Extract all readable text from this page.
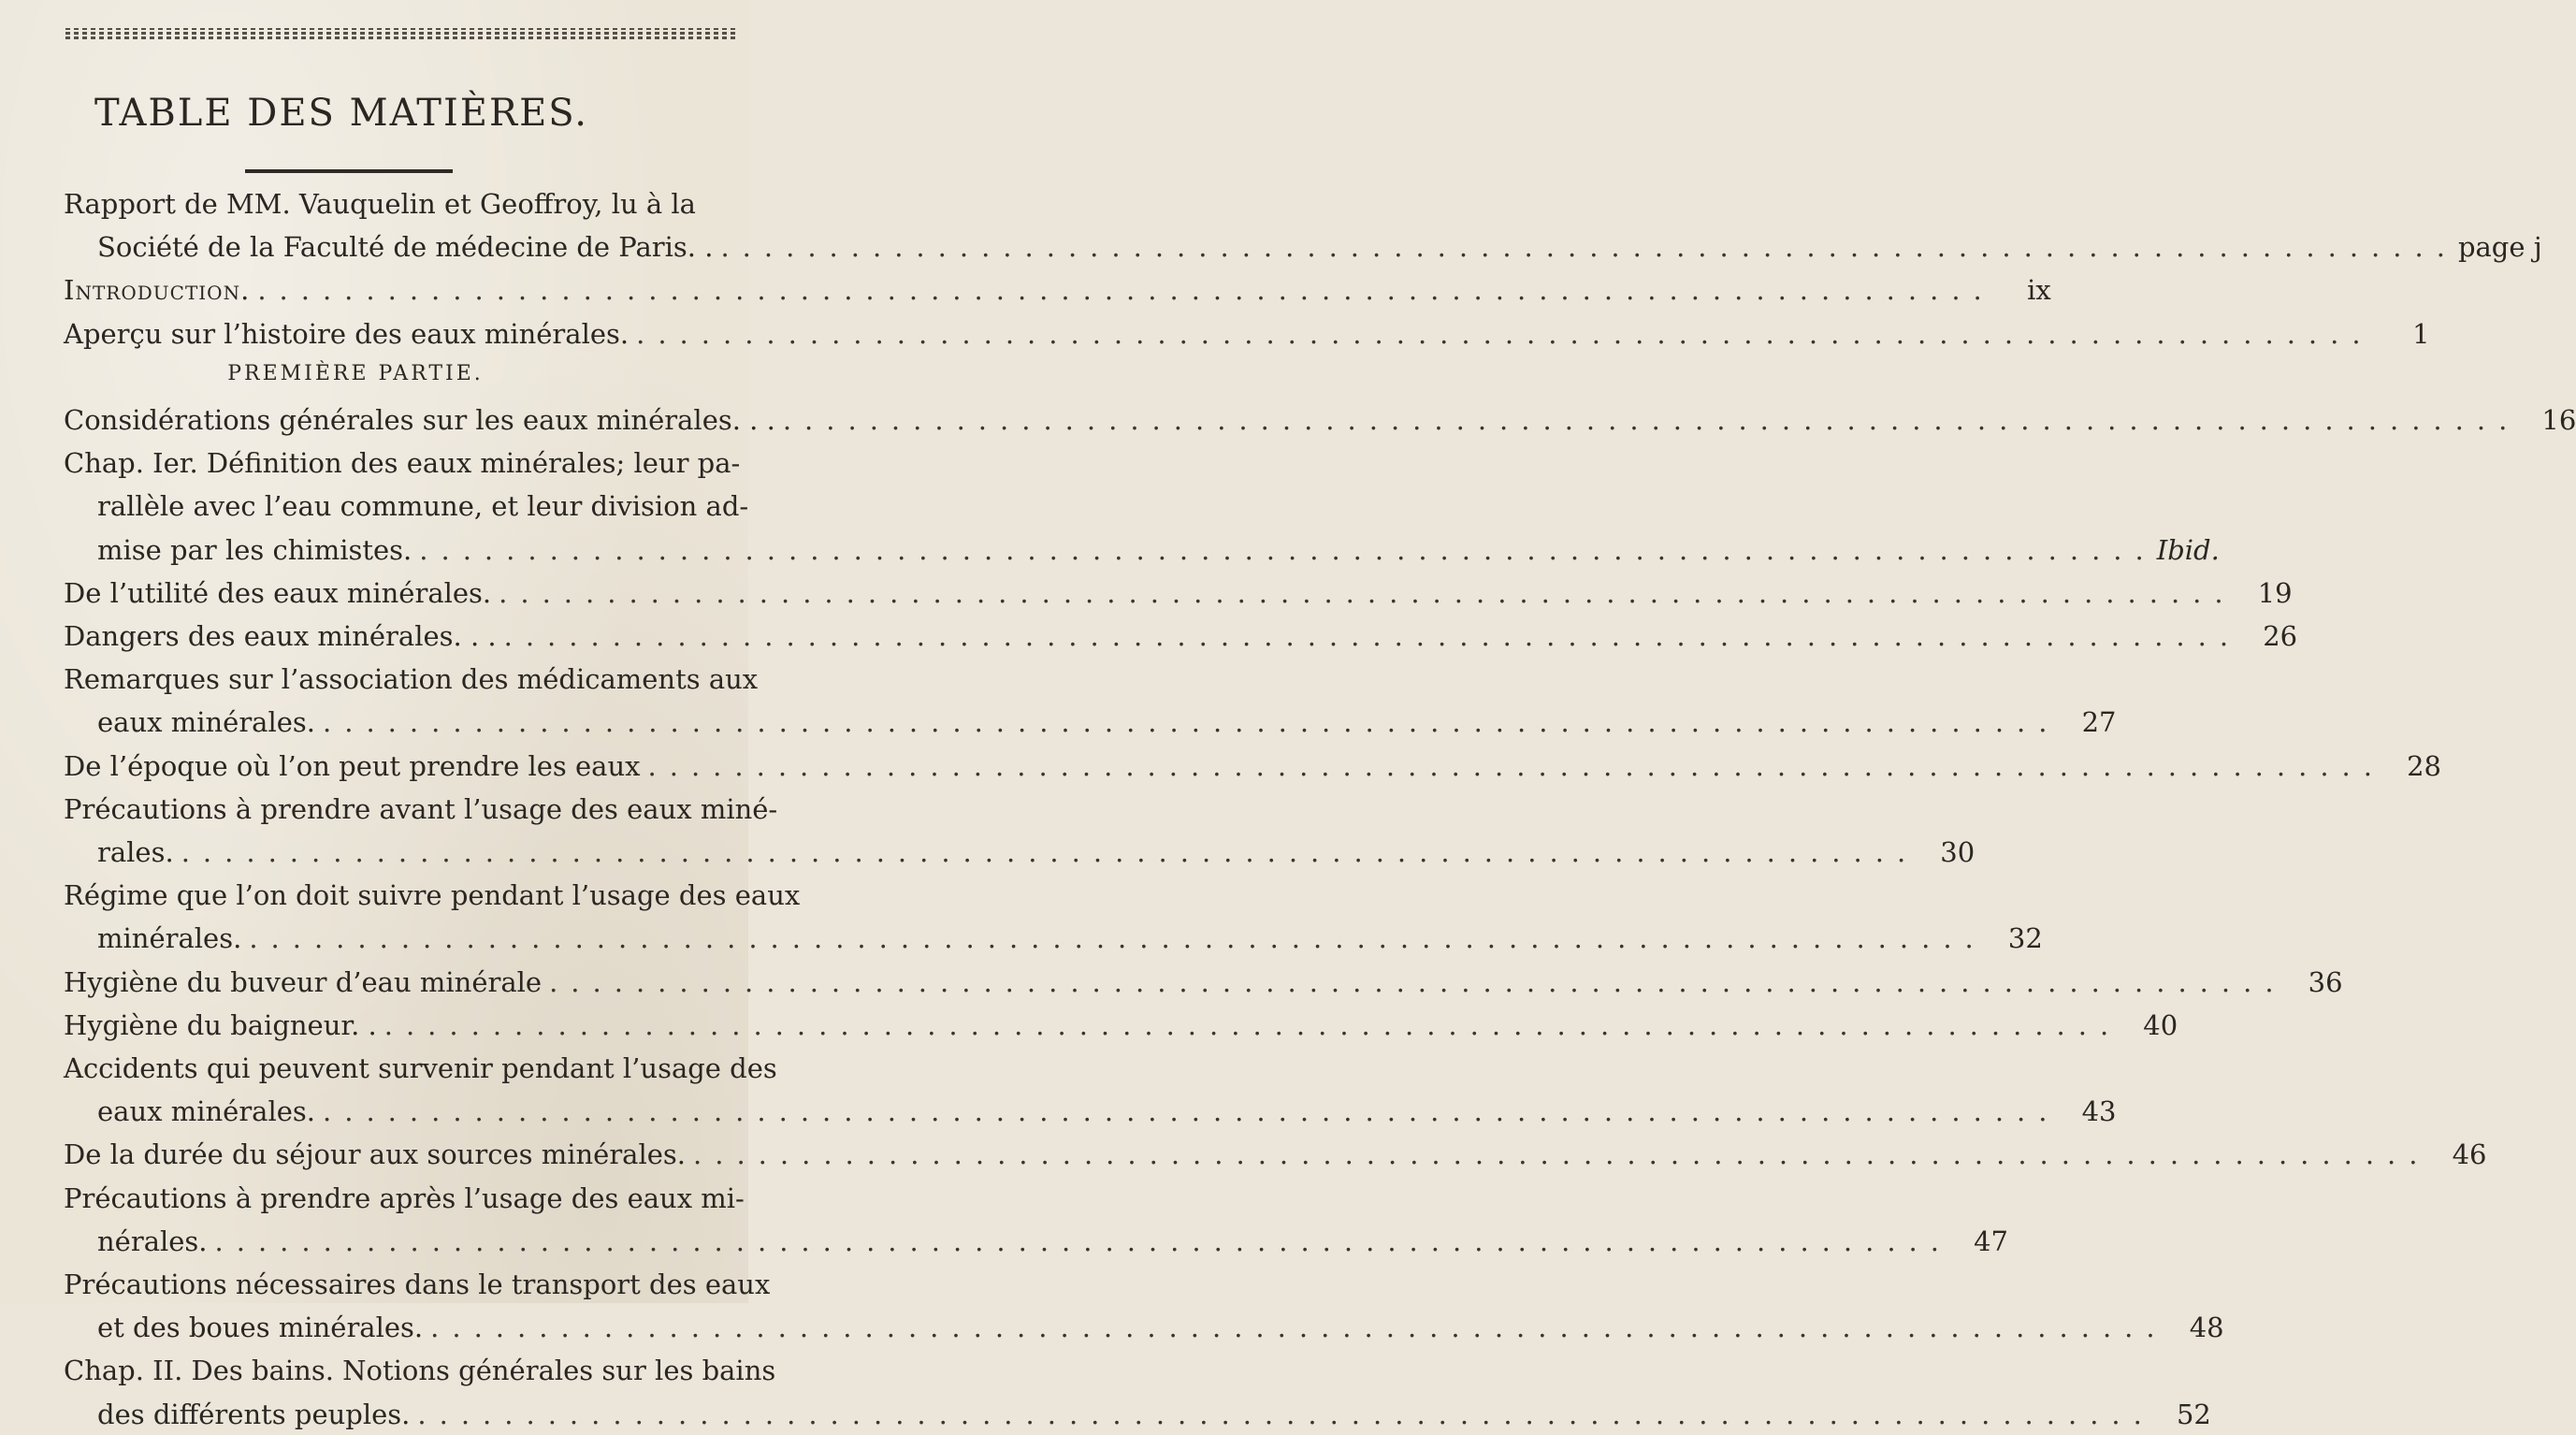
TABLE DES MATIÈRES.
Rapport de MM. Vauquelin et Geoffroy, lu à la
Société de la Faculté de médecine de Paris. . ................................................................................ page j
Introduction. ................................................................................	ix
Aperçu sur l’histoire des eaux minérales. ................................................................................	1
PREMIÈRE PARTIE.
Considérations générales sur les eaux minérales. . . ................................................................................ 16
Chap. Ier. Définition des eaux minérales; leur pa-
rallèle avec l’eau commune, et leur division ad-
mise par les chimistes. ................................................................................ Ibid.
De l’utilité des eaux minérales. ................................................................................ 19
Dangers des eaux minérales. . . ................................................................................ 26
Remarques sur l’association des médicaments aux
eaux minérales. ................................................................................ 27
De l’époque où l’on peut prendre les eaux ................................................................................ 28
Précautions à prendre avant l’usage des eaux miné-
rales. ................................................................................ 30
Régime que l’on doit suivre pendant l’usage des eaux
minérales. ................................................................................ 32
Hygiène du buveur d’eau minérale ................................................................................ 36
Hygiène du baigneur. . ................................................................................ 40
Accidents qui peuvent survenir pendant l’usage des
eaux minérales. ................................................................................ 43
De la durée du séjour aux sources minérales. ................................................................................ 46
Précautions à prendre après l’usage des eaux mi-
nérales. ................................................................................ 47
Précautions nécessaires dans le transport des eaux
et des boues minérales. ................................................................................ 48
Chap. II. Des bains. Notions générales sur les bains
des différents peuples. ................................................................................ 52
